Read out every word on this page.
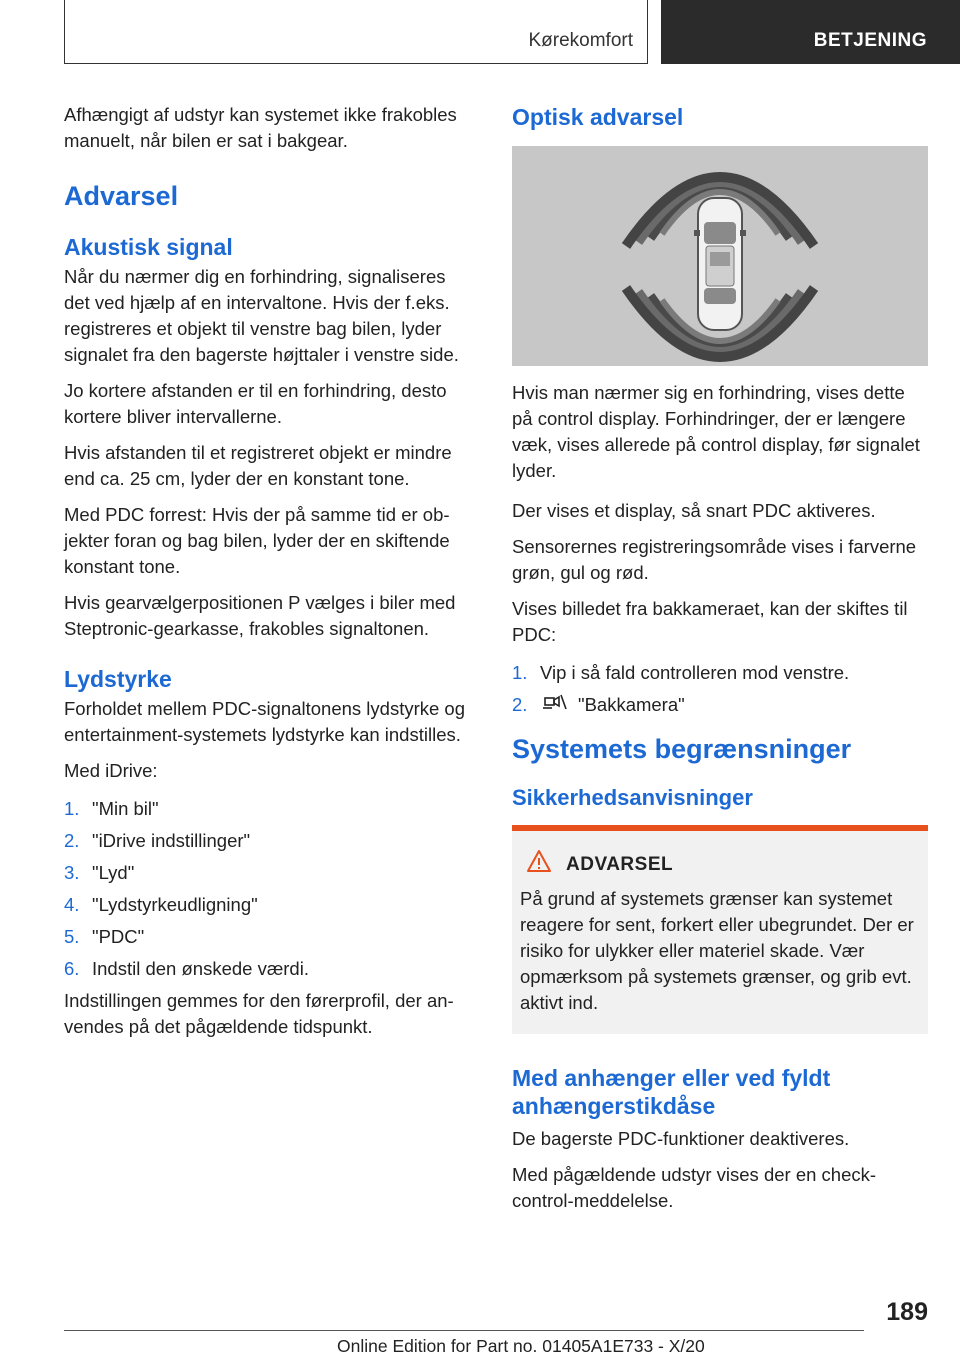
Kørekomfort	BETJENING

Afhængigt af udstyr kan systemet ikke frakobles manuelt, når bilen er sat i bakgear.

Advarsel
Akustisk signal

Når du nærmer dig en forhindring, signaliseres det ved hjælp af en intervaltone. Hvis der f.eks. registreres et objekt til venstre bag bilen, lyder signalet fra den bagerste højttaler i venstre side.

Jo kortere afstanden er til en forhindring, desto kortere bliver intervallerne.

Hvis afstanden til et registreret objekt er mindre end ca. 25 cm, lyder der en konstant tone.

Med PDC forrest: Hvis der på samme tid er objekter foran og bag bilen, lyder der en skiftende konstant tone.

Hvis gearvælgerpositionen P vælges i biler med Steptronic-gearkasse, frakobles signaltonen.

Lydstyrke

Forholdet mellem PDC-signaltonens lydstyrke og entertainment-systemets lydstyrke kan indstilles.

Med iDrive:

1. "Min bil"
2. "iDrive indstillinger"
3. "Lyd"
4. "Lydstyrkeudligning"
5. "PDC"
6. Indstil den ønskede værdi.

Indstillingen gemmes for den førerprofil, der anvendes på det pågældende tidspunkt.

Optisk advarsel

Hvis man nærmer sig en forhindring, vises dette på control display. Forhindringer, der er længere væk, vises allerede på control display, før signalet lyder.

Der vises et display, så snart PDC aktiveres.

Sensorernes registreringsområde vises i farverne grøn, gul og rød.

Vises billedet fra bakkameraet, kan der skiftes til PDC:

1. Vip i så fald controlleren mod venstre.
2.	"Bakkamera"
Systemets begrænsninger
Sikkerhedsanvisninger
ADVARSEL

På grund af systemets grænser kan systemet reagere for sent, forkert eller ubegrundet. Der er risiko for ulykker eller materiel skade. Vær opmærksom på systemets grænser, og grib evt. aktivt ind.

Med anhænger eller ved fyldt anhængerstikdåse

De bagerste PDC-funktioner deaktiveres.

Med pågældende udstyr vises der en check-control-meddelelse.

189
Online Edition for Part no. 01405A1E733 - X/20
